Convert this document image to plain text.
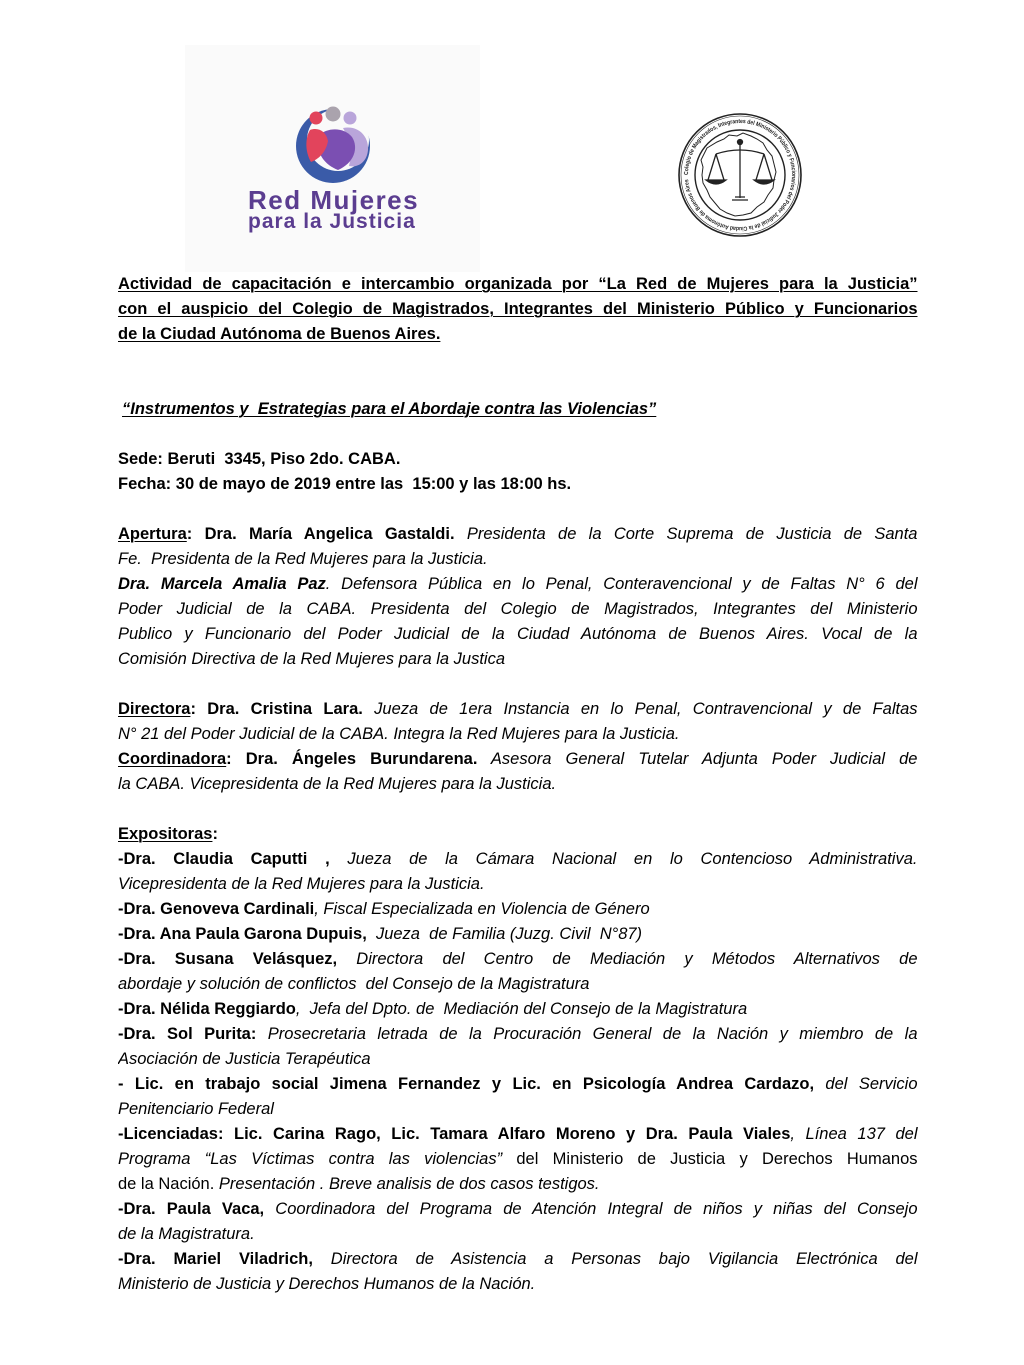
Red Mujeres
para la Justicia
Colegio de Magistrados, Integrantes del Ministerio Público y Funcionarios del Poder Judicial de la Ciudad Autónoma de Buenos Aires
Actividad de capacitación e intercambio organizada por “La Red de Mujeres para la Justicia”
con el auspicio del Colegio de Magistrados, Integrantes del Ministerio Público y Funcionarios
de la Ciudad Autónoma de Buenos Aires.
“Instrumentos y  Estrategias para el Abordaje contra las Violencias”
Sede: Beruti  3345, Piso 2do. CABA.
Fecha: 30 de mayo de 2019 entre las  15:00 y las 18:00 hs.
Apertura: Dra. María Angelica Gastaldi. Presidenta de la Corte Suprema de Justicia de Santa
Fe.  Presidenta de la Red Mujeres para la Justicia.
Dra. Marcela Amalia Paz. Defensora Pública en lo Penal, Conteravencional y de Faltas N° 6 del
Poder Judicial de la CABA. Presidenta del Colegio de Magistrados, Integrantes del Ministerio
Publico y Funcionario del Poder Judicial de la Ciudad Autónoma de Buenos Aires. Vocal de la
Comisión Directiva de la Red Mujeres para la Justica
Directora: Dra. Cristina Lara. Jueza de 1era Instancia en lo Penal, Contravencional y de Faltas
N° 21 del Poder Judicial de la CABA. Integra la Red Mujeres para la Justicia.
Coordinadora: Dra. Ángeles Burundarena. Asesora General Tutelar Adjunta Poder Judicial de
la CABA. Vicepresidenta de la Red Mujeres para la Justicia.
Expositoras:
-Dra. Claudia Caputti , Jueza de la Cámara Nacional en lo Contencioso Administrativa.
Vicepresidenta de la Red Mujeres para la Justicia.
-Dra. Genoveva Cardinali, Fiscal Especializada en Violencia de Género
-Dra. Ana Paula Garona Dupuis,  Jueza  de Familia (Juzg. Civil  N°87)
-Dra. Susana Velásquez, Directora del Centro de Mediación y Métodos Alternativos de
abordaje y solución de conflictos  del Consejo de la Magistratura
-Dra. Nélida Reggiardo,  Jefa del Dpto. de  Mediación del Consejo de la Magistratura
-Dra. Sol Purita: Prosecretaria letrada de la Procuración General de la Nación y miembro de la
Asociación de Justicia Terapéutica
- Lic. en trabajo social Jimena Fernandez y Lic. en Psicología Andrea Cardazo, del Servicio
Penitenciario Federal
-Licenciadas: Lic. Carina Rago, Lic. Tamara Alfaro Moreno y Dra. Paula Viales, Línea 137 del
Programa “Las Víctimas contra las violencias” del Ministerio de Justicia y Derechos Humanos
de la Nación. Presentación . Breve analisis de dos casos testigos.
-Dra. Paula Vaca, Coordinadora del Programa de Atención Integral de niños y niñas del Consejo
de la Magistratura.
-Dra. Mariel Viladrich, Directora de Asistencia a Personas bajo Vigilancia Electrónica del
Ministerio de Justicia y Derechos Humanos de la Nación.
